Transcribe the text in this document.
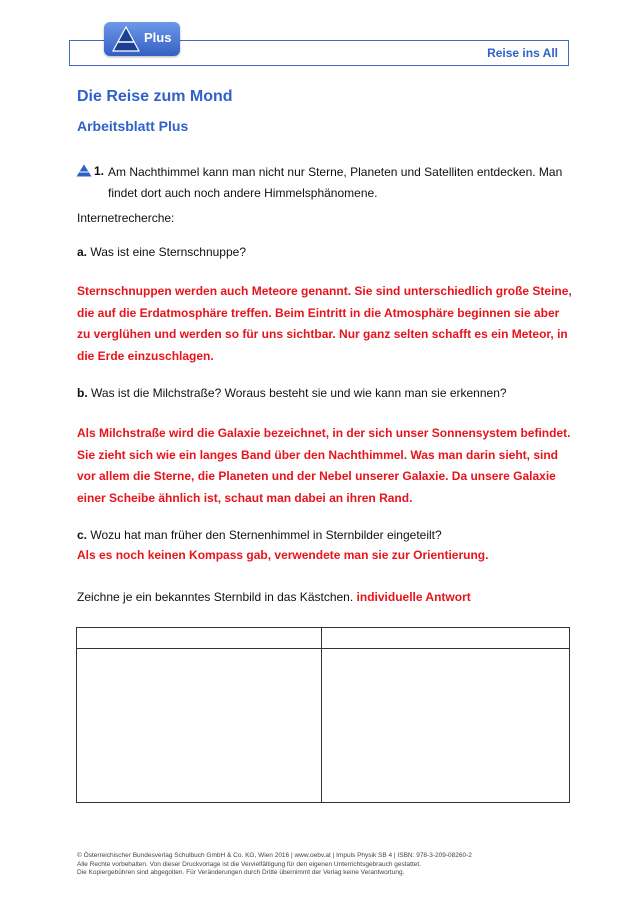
Reise ins All
Plus
Die Reise zum Mond
Arbeitsblatt Plus
1. Am Nachthimmel kann man nicht nur Sterne, Planeten und Satelliten entdecken. Man findet dort auch noch andere Himmelsphänomene.
Internetrecherche:
a. Was ist eine Sternschnuppe?
Sternschnuppen werden auch Meteore genannt. Sie sind unterschiedlich große Steine, die auf die Erdatmosphäre treffen. Beim Eintritt in die Atmosphäre beginnen sie aber zu verglühen und werden so für uns sichtbar. Nur ganz selten schafft es ein Meteor, in die Erde einzuschlagen.
b. Was ist die Milchstraße? Woraus besteht sie und wie kann man sie erkennen?
Als Milchstraße wird die Galaxie bezeichnet, in der sich unser Sonnensystem befindet. Sie zieht sich wie ein langes Band über den Nachthimmel. Was man darin sieht, sind vor allem die Sterne, die Planeten und der Nebel unserer Galaxie. Da unsere Galaxie einer Scheibe ähnlich ist, schaut man dabei an ihren Rand.
c. Wozu hat man früher den Sternenhimmel in Sternbilder eingeteilt?
Als es noch keinen Kompass gab, verwendete man sie zur Orientierung.
Zeichne je ein bekanntes Sternbild in das Kästchen. individuelle Antwort
© Österreichischer Bundesverlag Schulbuch GmbH & Co. KG, Wien 2016 | www.oebv.at | Impuls Physik SB 4 | ISBN: 978-3-209-08260-2
Alle Rechte vorbehalten. Von dieser Druckvorlage ist die Vervielfältigung für den eigenen Unterrichtsgebrauch gestattet.
Die Kopiergebühren sind abgegolten. Für Veränderungen durch Dritte übernimmt der Verlag keine Verantwortung.
